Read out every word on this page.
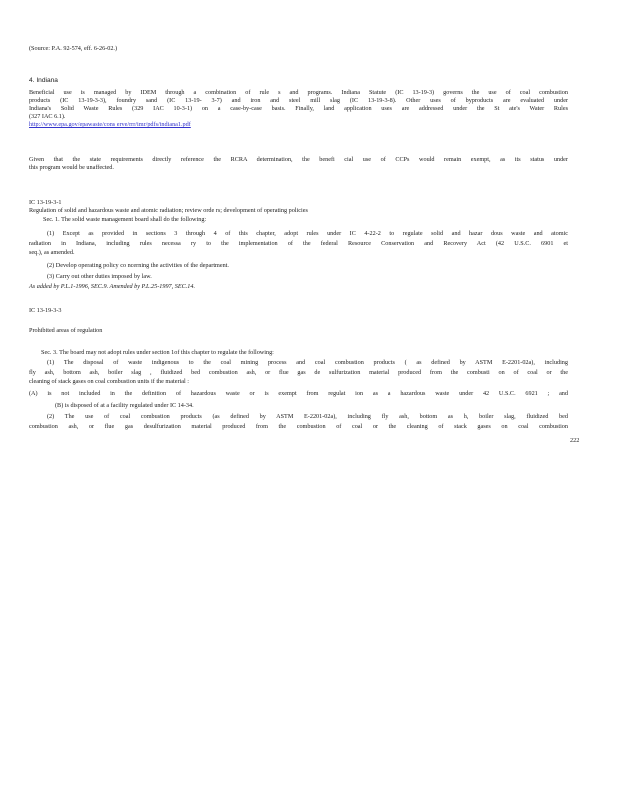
(Source: P.A. 92-574, eff. 6-26-02.)
4. Indiana
Beneficial use is managed by IDEM through a combination of rule s and programs. Indiana Statute (IC 13-19-3) governs the use of coal combustion
products (IC 13-19-3-3), foundry sand (IC 13-19- 3-7) and iron and steel mill slag (IC 13-19-3-8). Other uses of byproducts are evaluated under
Indiana's Solid Waste Rules (329 IAC 10-3-1) on a case-by-case basis. Finally, land application uses are addressed under the St ate's Water Rules
(327 IAC 6.1).
http://www.epa.gov/epawaste/cons erve/rrr/imr/pdfs/indiana1.pdf
Given that the state requirements directly reference the RCRA determination, the benefi cial use of CCPs would remain exempt, as its status under
this program would be unaffected.
IC 13-19-3-1
Regulation of solid and hazardous waste and atomic radiation; review orde rs; development of operating policies
Sec. 1. The solid waste management board shall do the following:
(1) Except as provided in sections 3 through 4 of this chapter, adopt rules under IC 4-22-2 to regulate solid and hazar dous waste and atomic
radiation in Indiana, including rules necessa ry to the implementation of the federal Resource Conservation and Recovery Act (42 U.S.C. 6901 et
seq.), as amended.
(2) Develop operating policy co ncerning the activities of the department.
(3) Carry out other duties imposed by law.
As added by P.L.1-1996, SEC.9. Amended by P.L.25-1997, SEC.14.
IC 13-19-3-3
Prohibited areas of regulation
Sec. 3. The board may not adopt rules under section 1of this chapter to regulate the following:
(1) The disposal of waste indigenous to the coal mining process and coal combustion products ( as defined by ASTM E-2201-02a), including
fly ash, bottom ash, boiler slag , fluidized bed combustion ash, or flue gas de sulfurization material produced from the combusti on of coal or the
cleaning of stack gases on coal combustion units if the material :
(A) is not included in the definition of hazardous waste or is exempt from regulat ion as a hazardous waste under 42 U.S.C. 6921 ; and
(B) is disposed of at a facility regulated under IC 14-34.
(2) The use of coal combustion products (as defined by ASTM E-2201-02a), including fly ash, bottom as h, boiler slag, fluidized bed
combustion ash, or flue gas desulfurization material produced from the combustion of coal or the cleaning of stack gases on coal combustion
222
